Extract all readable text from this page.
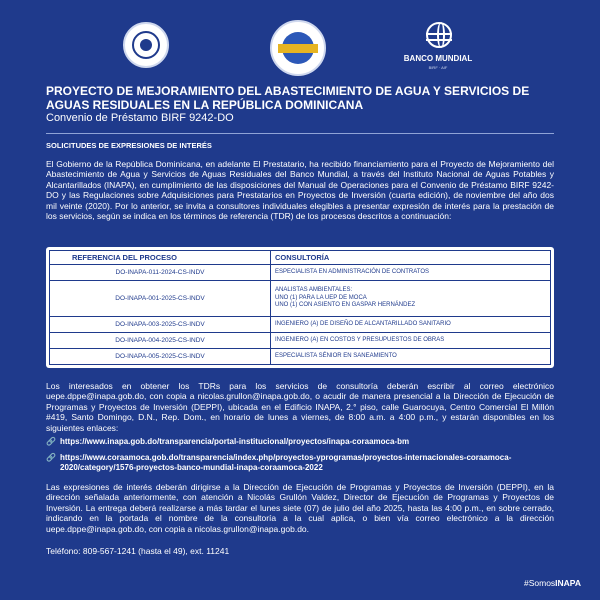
BANCO MUNDIAL
BIRF · AIF
PROYECTO DE MEJORAMIENTO DEL ABASTECIMIENTO DE AGUA Y SERVICIOS DE AGUAS RESIDUALES EN LA REPÚBLICA DOMINICANA
Convenio de Préstamo BIRF 9242-DO
SOLICITUDES DE EXPRESIONES DE INTERÉS
El Gobierno de la República Dominicana, en adelante El Prestatario, ha recibido financiamiento para el Proyecto de Mejoramiento del Abastecimiento de Agua y Servicios de Aguas Residuales del Banco Mundial, a través del Instituto Nacional de Aguas Potables y Alcantarillados (INAPA), en cumplimiento de las disposiciones del Manual de Operaciones para el Convenio de Préstamo BIRF 9242-DO y las Regulaciones sobre Adquisiciones para Prestatarios en Proyectos de Inversión (cuarta edición), de noviembre del año dos mil veinte (2020). Por lo anterior, se invita a consultores individuales elegibles a presentar expresión de interés para la prestación de los servicios, según se indica en los términos de referencia (TDR) de los procesos descritos a continuación:
REFERENCIA DEL PROCESO	CONSULTORÍA
DO-INAPA-011-2024-CS-INDV	ESPECIALISTA EN ADMINISTRACIÓN DE CONTRATOS

DO-INAPA-001-2025-CS-INDV	ANALISTAS AMBIENTALES:
UNO (1) PARA LA UEP DE MOCA
UNO (1) CON ASIENTO EN GASPAR HERNÁNDEZ

DO-INAPA-003-2025-CS-INDV	INGENIERO (A) DE DISEÑO DE ALCANTARILLADO SANITARIO

DO-INAPA-004-2025-CS-INDV	INGENIERO (A) EN COSTOS Y PRESUPUESTOS DE OBRAS

DO-INAPA-005-2025-CS-INDV	ESPECIALISTA SÉNIOR EN SANEAMIENTO
Los interesados en obtener los TDRs para los servicios de consultoría deberán escribir al correo electrónico uepe.dppe@inapa.gob.do, con copia a nicolas.grullon@inapa.gob.do, o acudir de manera presencial a la Dirección de Ejecución de Programas y Proyectos de Inversión (DEPPI), ubicada en el Edificio INAPA, 2.° piso, calle Guarocuya, Centro Comercial El Millón #419, Santo Domingo, D.N., Rep. Dom., en horario de lunes a viernes, de 8:00 a.m. a 4:00 p.m., y estarán disponibles en los siguientes enlaces:
🔗 https://www.inapa.gob.do/transparencia/portal-institucional/proyectos/inapa-coraamoca-bm
🔗 https://www.coraamoca.gob.do/transparencia/index.php/proyectos-yprogramas/proyectos-internacionales-coraamoca-2020/category/1576-proyectos-banco-mundial-inapa-coraamoca-2022
Las expresiones de interés deberán dirigirse a la Dirección de Ejecución de Programas y Proyectos de Inversión (DEPPI), en la dirección señalada anteriormente, con atención a Nicolás Grullón Valdez, Director de Ejecución de Programas y Proyectos de Inversión. La entrega deberá realizarse a más tardar el lunes siete (07) de julio del año 2025, hasta las 4:00 p.m., en sobre cerrado, indicando en la portada el nombre de la consultoría a la cual aplica, o bien vía correo electrónico a la dirección uepe.dppe@inapa.gob.do, con copia a nicolas.grullon@inapa.gob.do.
Teléfono: 809-567-1241 (hasta el 49), ext. 11241
#SomosINAPA
